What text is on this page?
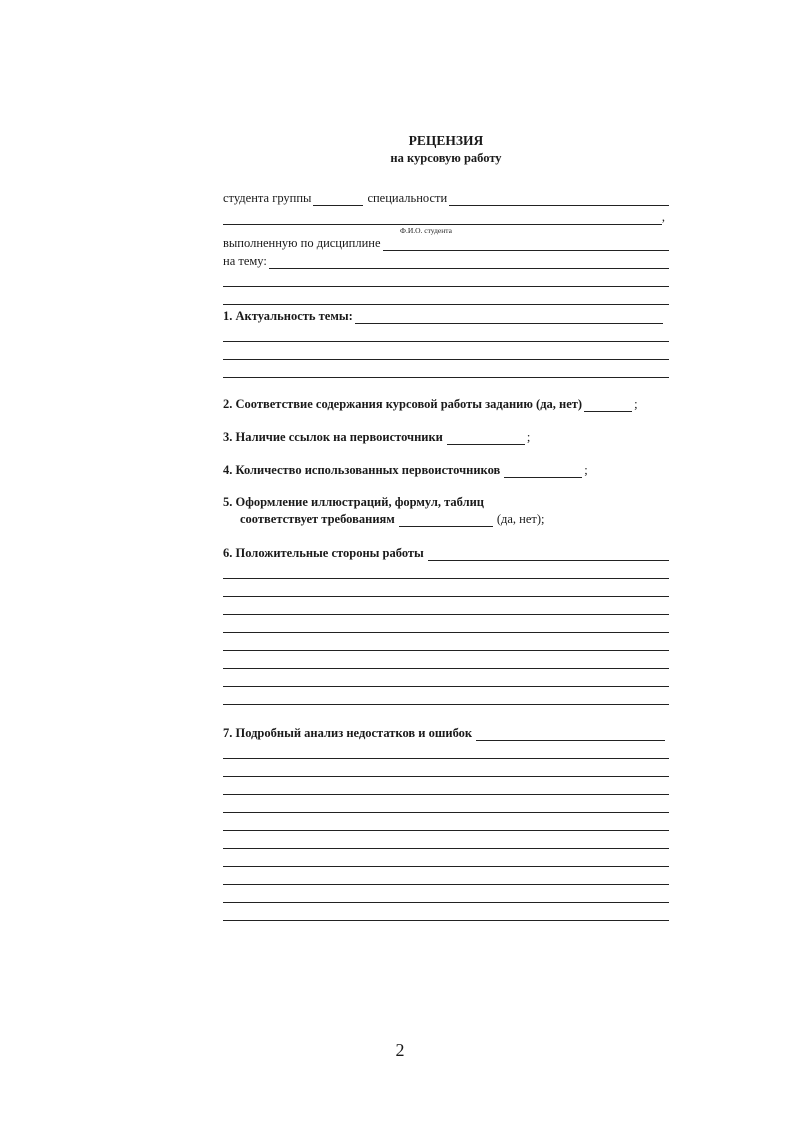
РЕЦЕНЗИЯ
на курсовую работу
студента группы	специальности
,
Ф.И.О. студента
выполненную по дисциплине
на тему:
1. Актуальность темы:
2. Соответствие содержания курсовой работы заданию (да, нет)	;
3. Наличие ссылок на первоисточники	;
4. Количество использованных первоисточников	;
5. Оформление иллюстраций, формул, таблиц
соответствует требованиям	(да, нет);
6. Положительные стороны работы
7. Подробный анализ недостатков и ошибок
2
